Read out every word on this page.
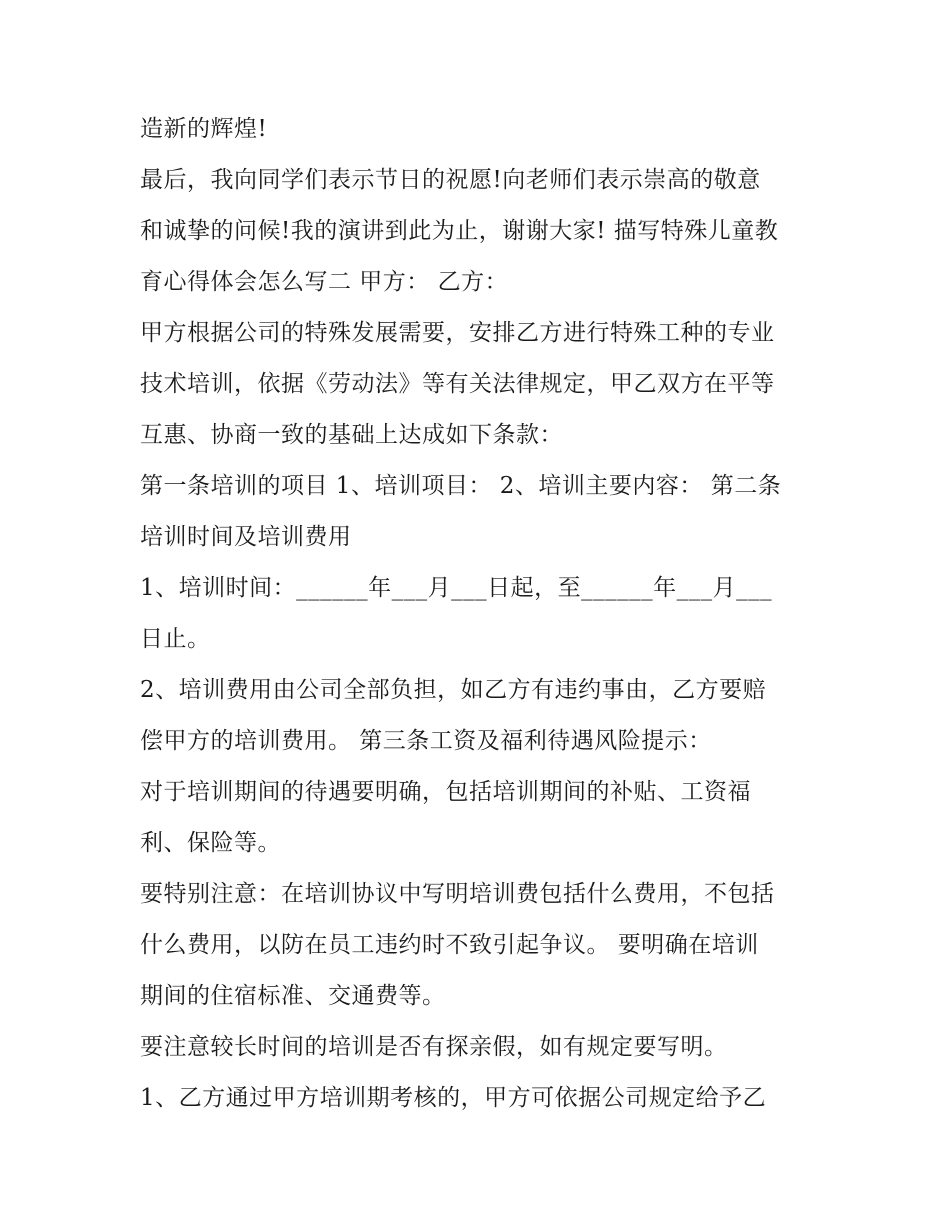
造新的辉煌!
最后，我向同学们表示节日的祝愿!向老师们表示崇高的敬意
和诚挚的问候!我的演讲到此为止，谢谢大家! 描写特殊儿童教
育心得体会怎么写二 甲方： 乙方：
甲方根据公司的特殊发展需要，安排乙方进行特殊工种的专业
技术培训，依据《劳动法》等有关法律规定，甲乙双方在平等
互惠、协商一致的基础上达成如下条款：
第一条培训的项目 1、培训项目： 2、培训主要内容： 第二条
培训时间及培训费用
1、培训时间：______年___月___日起，至______年___月___
日止。
2、培训费用由公司全部负担，如乙方有违约事由，乙方要赔
偿甲方的培训费用。 第三条工资及福利待遇风险提示：
对于培训期间的待遇要明确，包括培训期间的补贴、工资福
利、保险等。
要特别注意：在培训协议中写明培训费包括什么费用，不包括
什么费用，以防在员工违约时不致引起争议。 要明确在培训
期间的住宿标准、交通费等。
要注意较长时间的培训是否有探亲假，如有规定要写明。
1、乙方通过甲方培训期考核的，甲方可依据公司规定给予乙
